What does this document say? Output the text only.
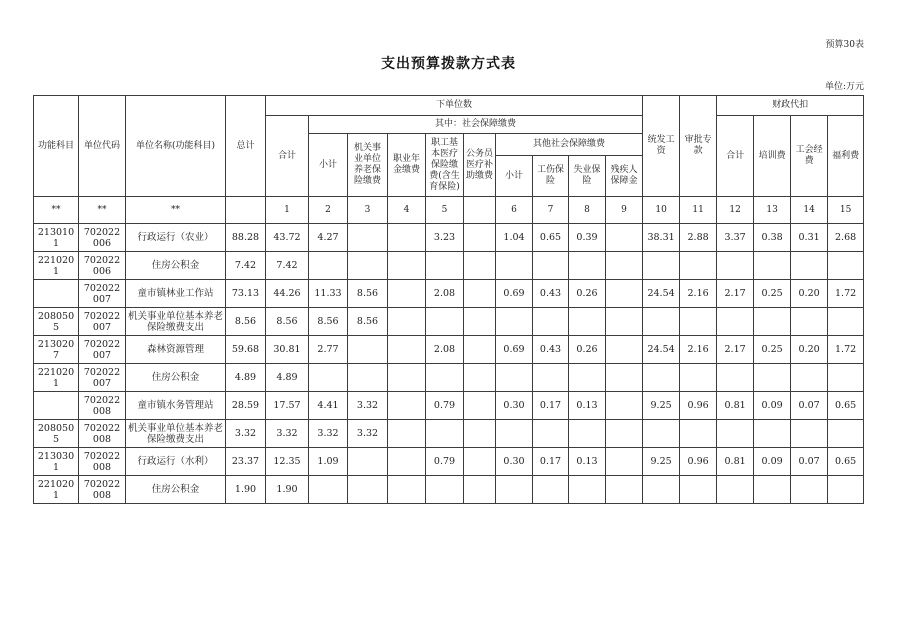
预算30表
支出预算拨款方式表
单位:万元
功能科目	单位代码	单位名称(功能科目)	总计	下单位数										统发工资	审批专款	财政代扣			
				合计	其中：社会保障缴费											合计	培训费	工会经费	福利费
					小计	机关事业单位养老保险缴费	职业年金缴费	职工基本医疗保险缴费(含生育保险)	公务员医疗补助缴费	其他社会保障缴费									
										小计	工伤保险	失业保险	残疾人保障金						
**	**	**		1	2	3	4	5		6	7	8	9	10	11	12	13	14	15
2130101	702022006	行政运行（农业）	88.28	43.72	4.27			3.23		1.04	0.65	0.39		38.31	2.88	3.37	0.38	0.31	2.68
2210201	702022006	住房公积金	7.42	7.42															
	702022007	童市镇林业工作站	73.13	44.26	11.33	8.56		2.08		0.69	0.43	0.26		24.54	2.16	2.17	0.25	0.20	1.72
2080505	702022007	机关事业单位基本养老保险缴费支出	8.56	8.56	8.56	8.56													
2130207	702022007	森林资源管理	59.68	30.81	2.77			2.08		0.69	0.43	0.26		24.54	2.16	2.17	0.25	0.20	1.72
2210201	702022007	住房公积金	4.89	4.89															
	702022008	童市镇水务管理站	28.59	17.57	4.41	3.32		0.79		0.30	0.17	0.13		9.25	0.96	0.81	0.09	0.07	0.65
2080505	702022008	机关事业单位基本养老保险缴费支出	3.32	3.32	3.32	3.32													
2130301	702022008	行政运行（水利）	23.37	12.35	1.09			0.79		0.30	0.17	0.13		9.25	0.96	0.81	0.09	0.07	0.65
2210201	702022008	住房公积金	1.90	1.90															
